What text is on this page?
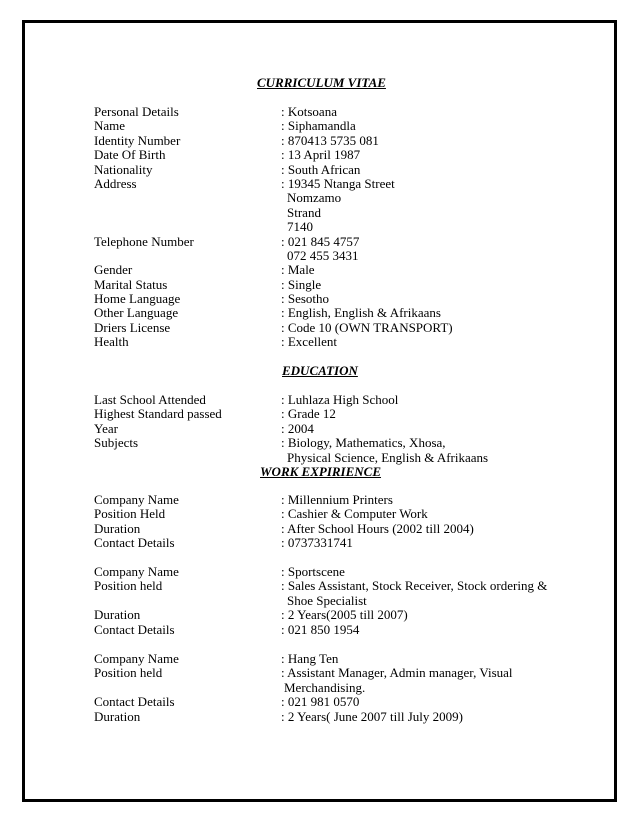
CURRICULUM VITAE
Personal Details	: Kotsoana
Name	: Siphamandla
Identity Number	: 870413 5735 081
Date Of Birth	: 13 April 1987
Nationality	: South African
Address	: 19345 Ntanga Street
Nomzamo
Strand
7140
Telephone Number	: 021 845 4757
072 455 3431
Gender	: Male
Marital Status	: Single
Home Language	: Sesotho
Other Language	: English, English & Afrikaans
Driers License	: Code 10 (OWN TRANSPORT)
Health	: Excellent
EDUCATION
Last School Attended	: Luhlaza High School
Highest Standard passed	: Grade 12
Year	: 2004
Subjects	: Biology, Mathematics, Xhosa,
Physical Science, English & Afrikaans
WORK EXPIRIENCE
Company Name	: Millennium Printers
Position Held	: Cashier & Computer Work
Duration	: After School Hours (2002 till 2004)
Contact Details	: 0737331741
Company Name	: Sportscene
Position held	: Sales Assistant, Stock Receiver, Stock ordering &
Shoe Specialist
Duration	: 2 Years(2005 till 2007)
Contact Details	: 021 850 1954
Company Name	: Hang Ten
Position held	: Assistant Manager, Admin manager, Visual
Merchandising.
Contact Details	: 021 981 0570
Duration	: 2 Years( June 2007 till July 2009)
